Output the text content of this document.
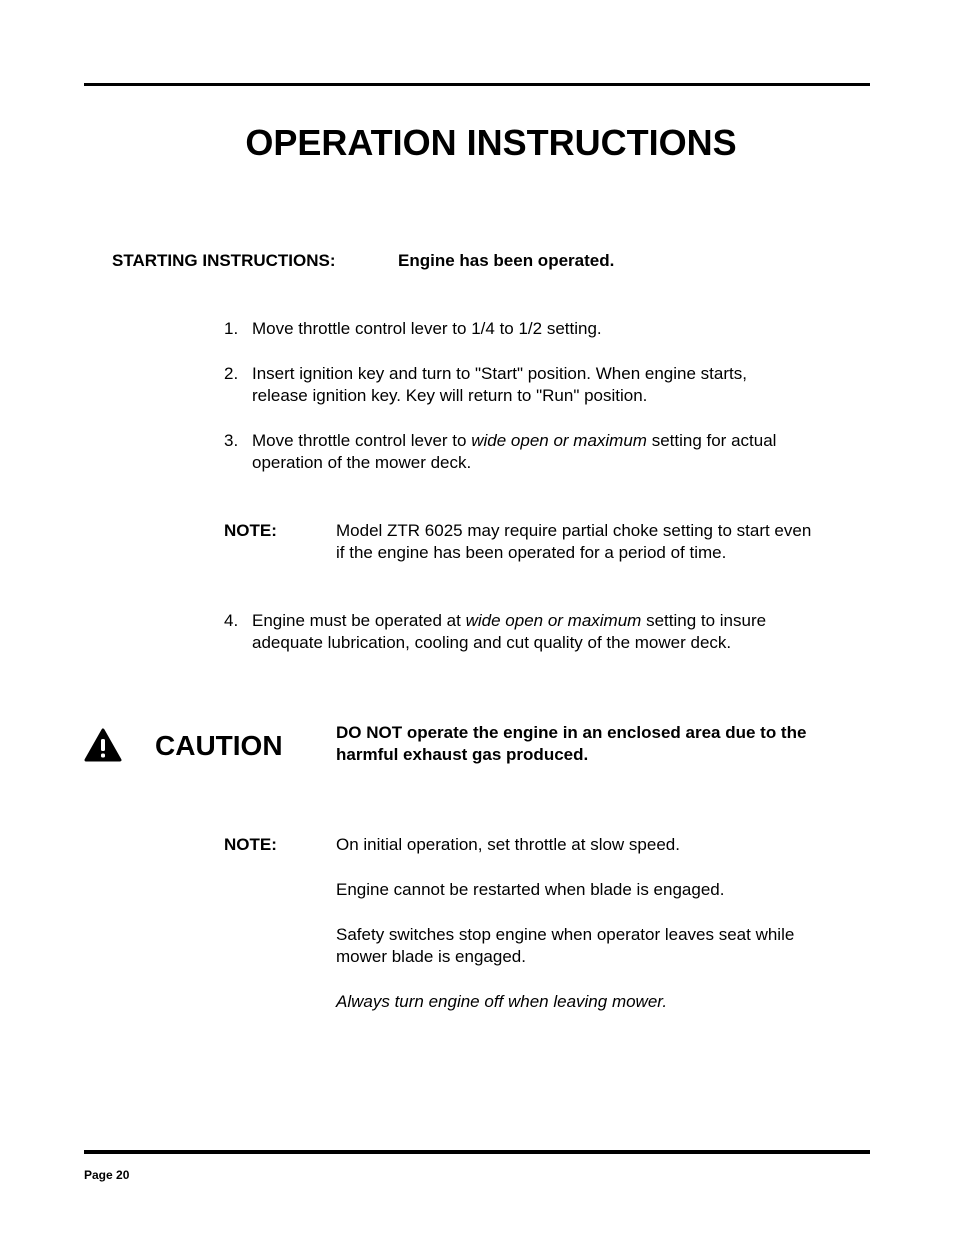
OPERATION INSTRUCTIONS
STARTING INSTRUCTIONS:	Engine has been operated.
1. Move throttle control lever to 1/4 to 1/2 setting.
2. Insert ignition key and turn to "Start" position. When engine starts,
release ignition key. Key will return to "Run" position.
3. Move throttle control lever to wide open or maximum setting for actual
operation of the mower deck.
NOTE:	Model ZTR 6025 may require partial choke setting to start even
if the engine has been operated for a period of time.
4. Engine must be operated at wide open or maximum setting to insure
adequate lubrication, cooling and cut quality of the mower deck.
CAUTION	DO NOT operate the engine in an enclosed area due to the
harmful exhaust gas produced.
NOTE:	On initial operation, set throttle at slow speed.
Engine cannot be restarted when blade is engaged.
Safety switches stop engine when operator leaves seat while
mower blade is engaged.
Always turn engine off when leaving mower.
Page 20
